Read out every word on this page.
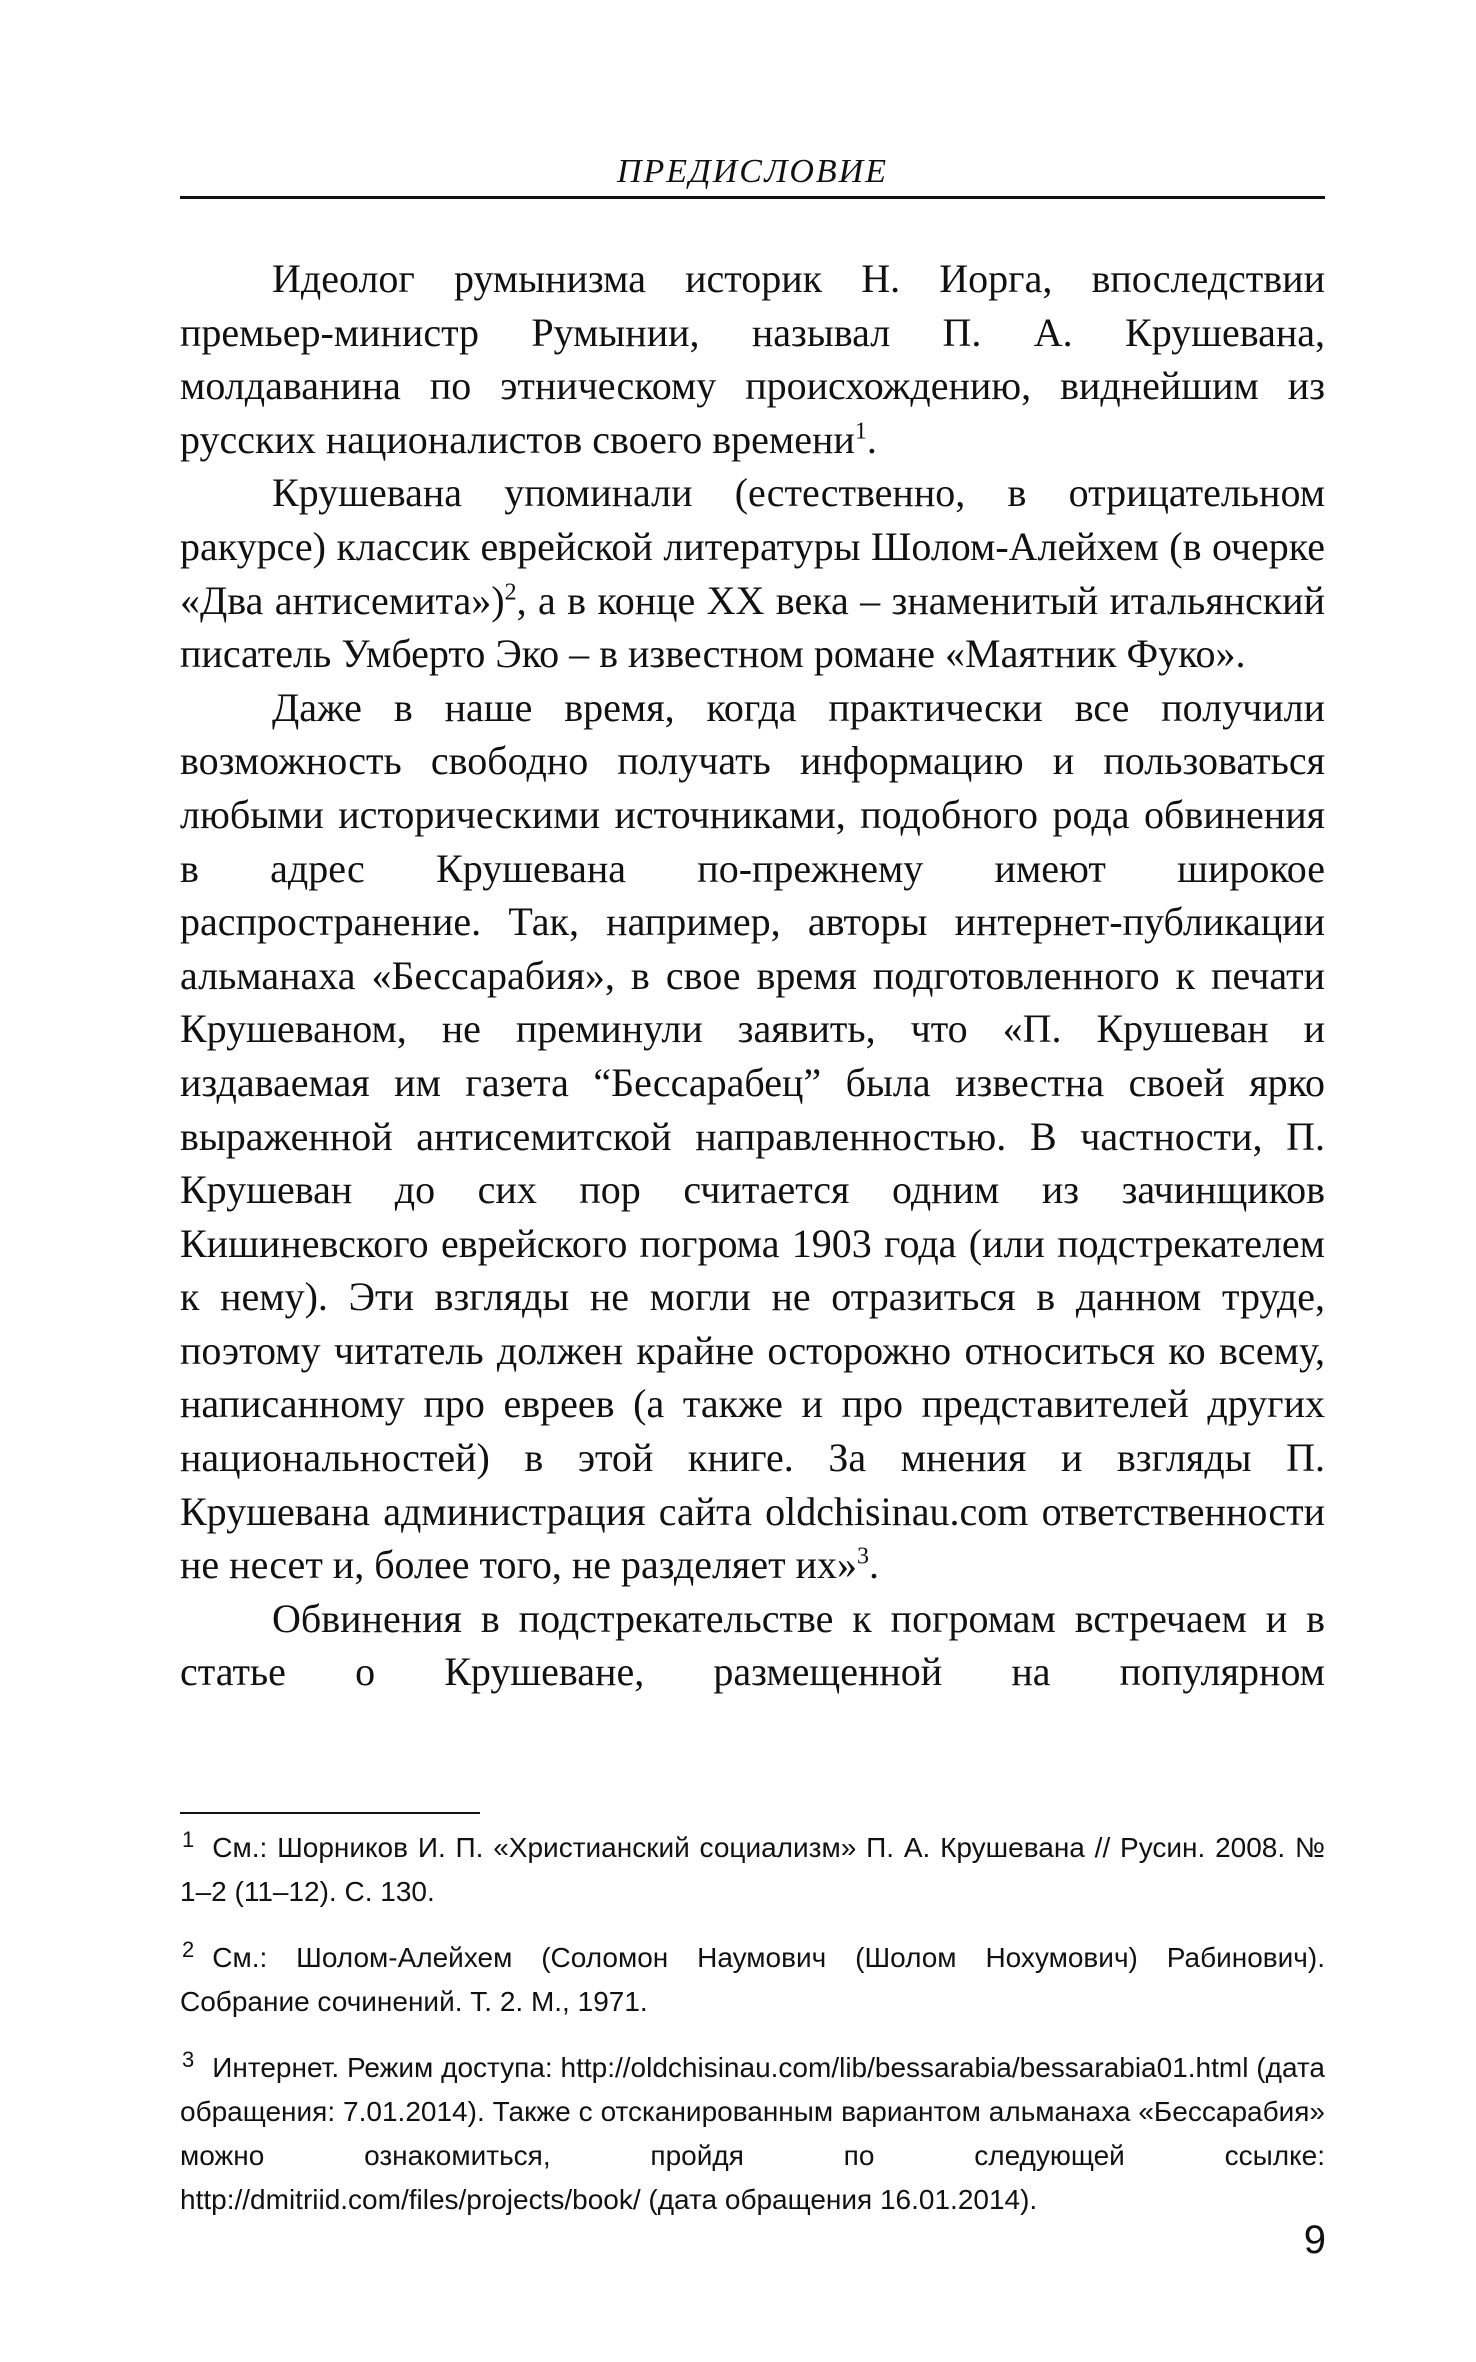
ПРЕДИСЛОВИЕ

Идеолог румынизма историк Н. Иорга, впоследствии премьер-министр Румынии, называл П. А. Крушевана, молдаванина по этническому происхождению, виднейшим из русских националистов своего времени$^1$.

Крушевана упоминали (естественно, в отрицательном ракурсе) классик еврейской литературы Шолом-Алейхем (в очерке «Два антисемита»)$^2$, а в конце XX века – знаменитый итальянский писатель Умберто Эко – в известном романе «Маятник Фуко».

Даже в наше время, когда практически все получили возможность свободно получать информацию и пользоваться любыми историческими источниками, подобного рода обвинения в адрес Крушевана по-прежнему имеют широкое распространение. Так, например, авторы интернет-публикации альманаха «Бессарабия», в свое время подготовленного к печати Крушеваном, не преминули заявить, что «П. Крушеван и издаваемая им газета “Бессарабец” была известна своей ярко выраженной антисемитской направленностью. В частности, П. Крушеван до сих пор считается одним из зачинщиков Кишиневского еврейского погрома 1903 года (или подстрекателем к нему). Эти взгляды не могли не отразиться в данном труде, поэтому читатель должен крайне осторожно относиться ко всему, написанному про евреев (а также и про представителей других национальностей) в этой книге. За мнения и взгляды П. Крушевана администрация сайта oldchisinau.com ответственности не несет и, более того, не разделяет их»$^3$.

Обвинения в подстрекательстве к погромам встречаем и в статье о Крушеване, размещенной на популярном

$^1$ См.: Шорников И. П. «Христианский социализм» П. А. Крушевана // Русин. 2008. № 1–2 (11–12). С. 130.

$^2$ См.: Шолом-Алейхем (Соломон Наумович (Шолом Нохумович) Рабинович). Собрание сочинений. Т. 2. М., 1971.

$^3$ Интернет. Режим доступа: http://oldchisinau.com/lib/bessarabia/bessarabia01.html (дата обращения: 7.01.2014). Также с отсканированным вариантом альманаха «Бессарабия» можно ознакомиться, пройдя по следующей ссылке: http://dmitriid.com/files/projects/book/ (дата обращения 16.01.2014).

9
